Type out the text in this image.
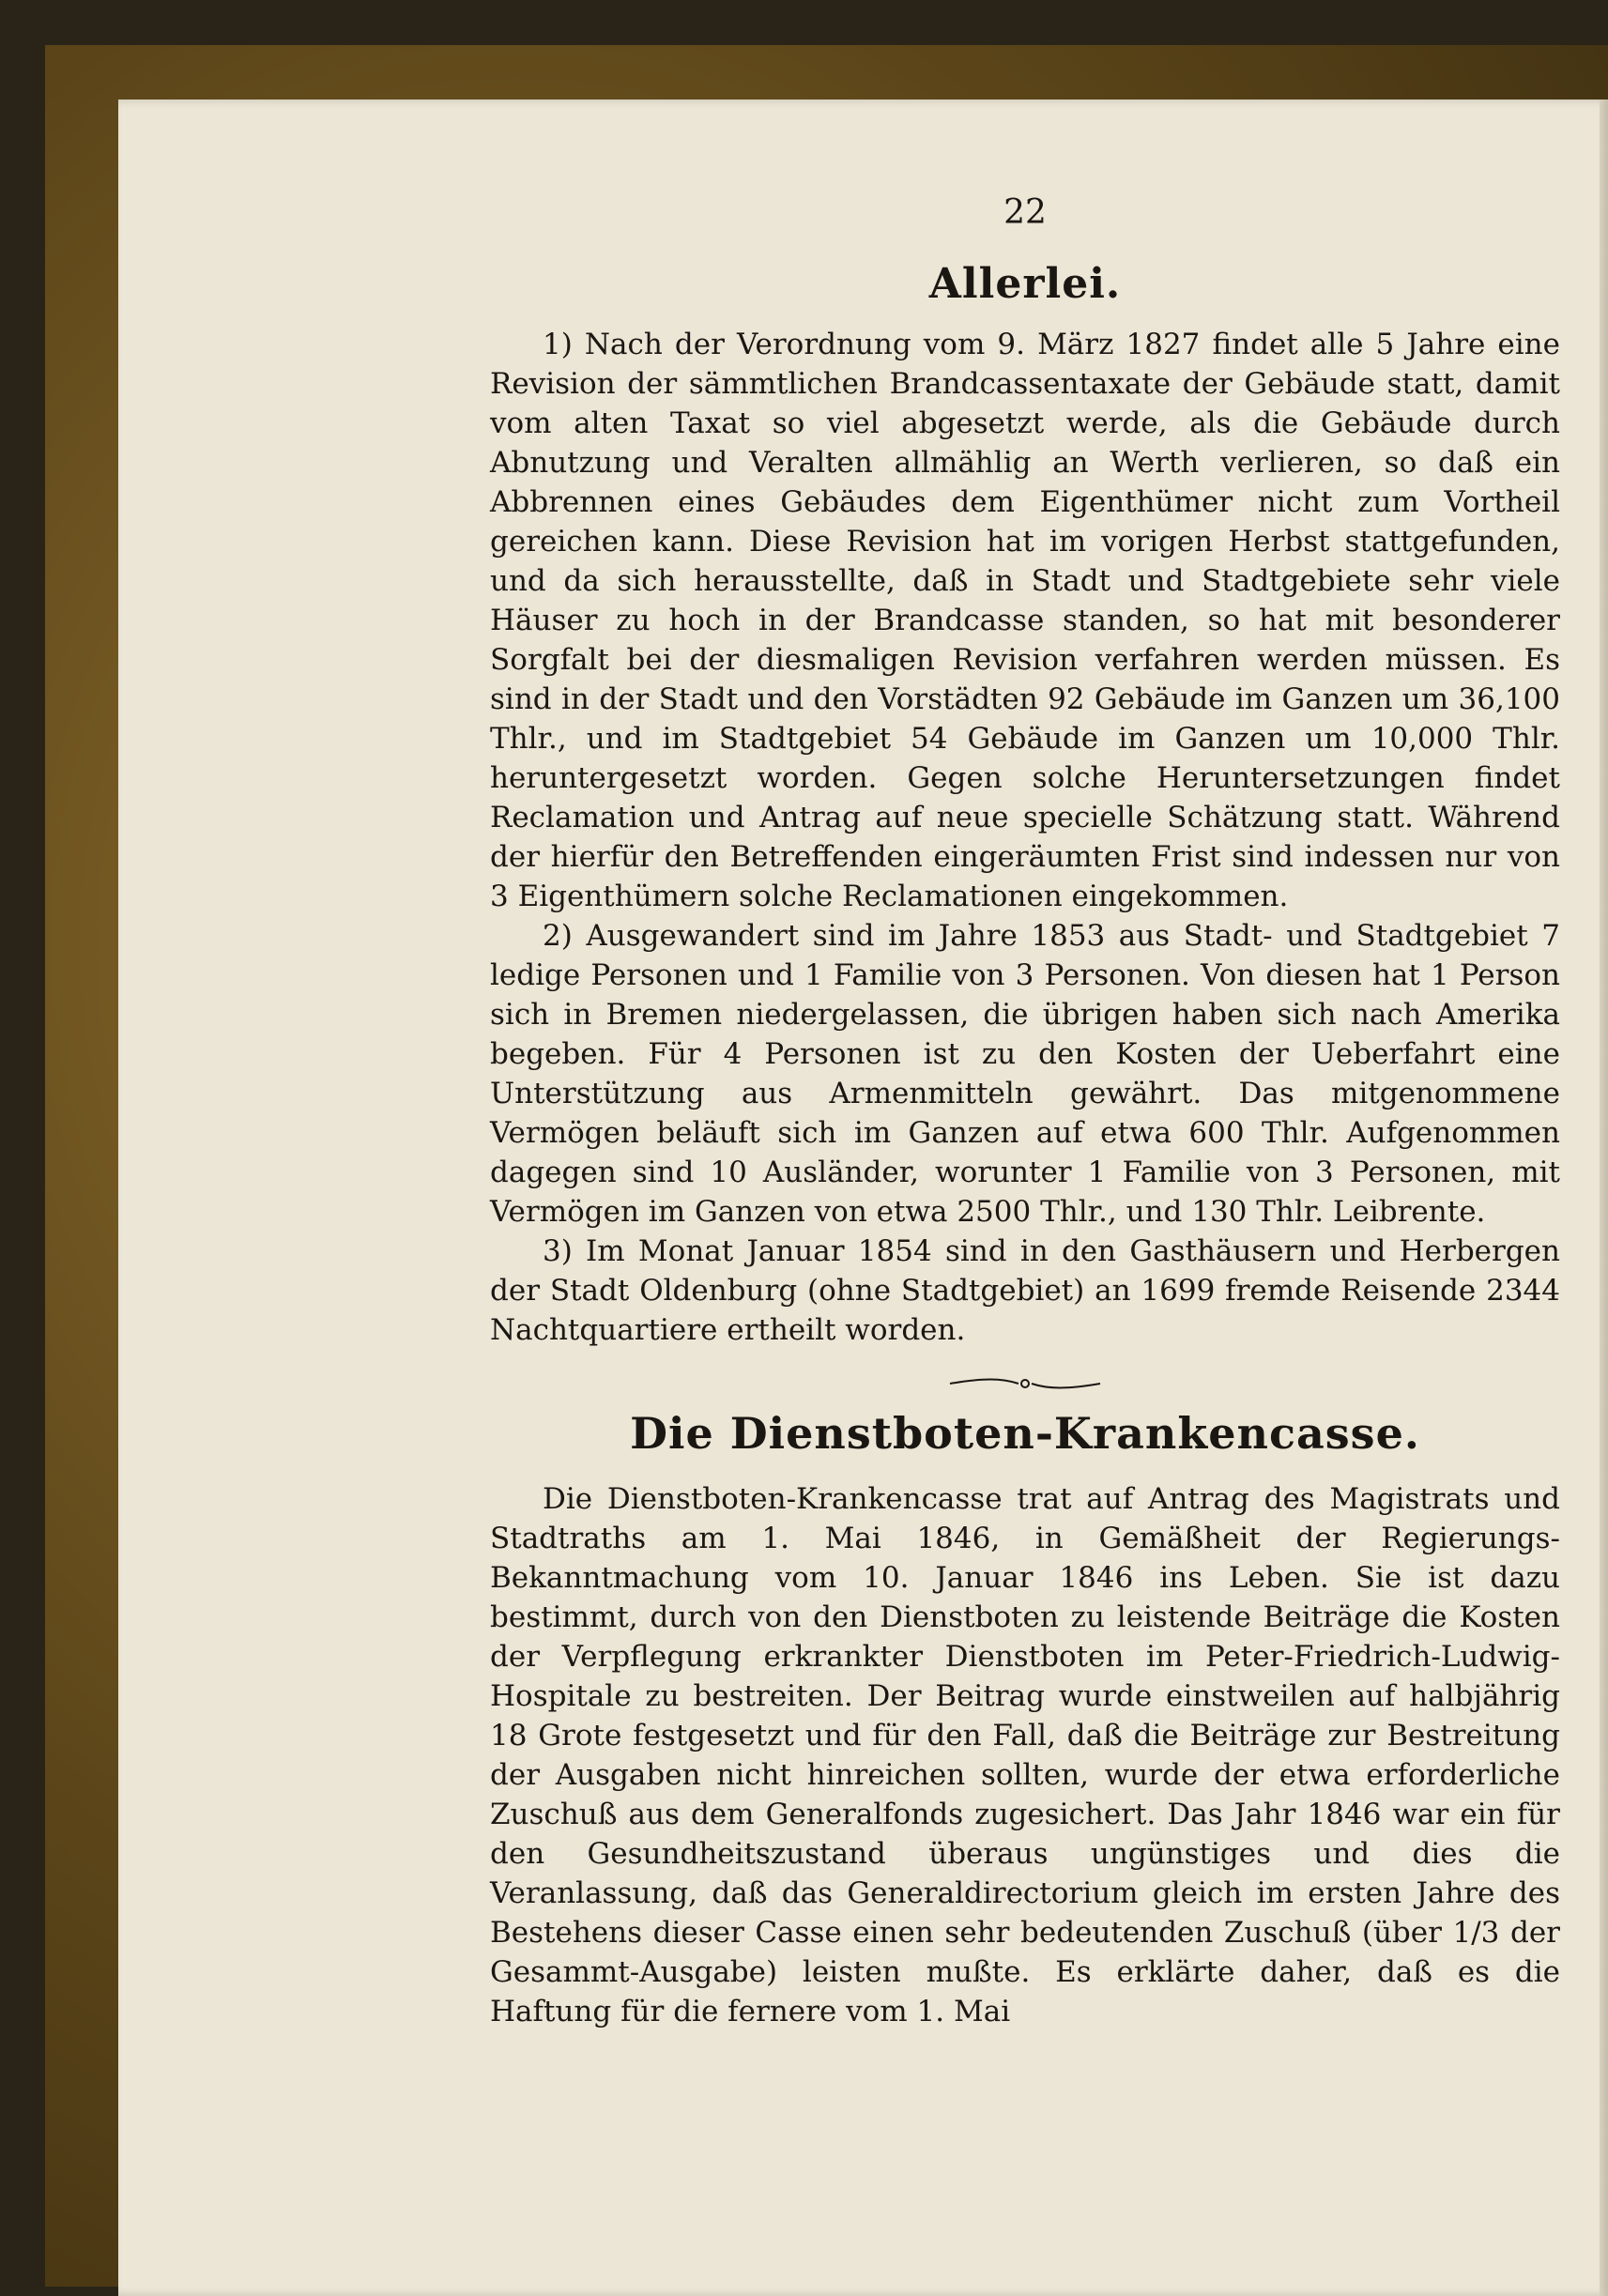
22
Allerlei.

1) Nach der Verordnung vom 9. März 1827 findet alle 5 Jahre eine Revision der sämmtlichen Brandcassentaxate der Gebäude statt, damit vom alten Taxat so viel abgesetzt werde, als die Gebäude durch Abnutzung und Veralten allmählig an Werth verlieren, so daß ein Abbrennen eines Gebäudes dem Eigenthümer nicht zum Vortheil gereichen kann. Diese Revision hat im vorigen Herbst stattgefunden, und da sich herausstellte, daß in Stadt und Stadtgebiete sehr viele Häuser zu hoch in der Brandcasse standen, so hat mit besonderer Sorgfalt bei der diesmaligen Revision verfahren werden müssen. Es sind in der Stadt und den Vorstädten 92 Gebäude im Ganzen um 36,100 Thlr., und im Stadtgebiet 54 Gebäude im Ganzen um 10,000 Thlr. heruntergesetzt worden. Gegen solche Heruntersetzungen findet Reclamation und Antrag auf neue specielle Schätzung statt. Während der hierfür den Betreffenden eingeräumten Frist sind indessen nur von 3 Eigenthümern solche Reclamationen eingekommen.

2) Ausgewandert sind im Jahre 1853 aus Stadt- und Stadtgebiet 7 ledige Personen und 1 Familie von 3 Personen. Von diesen hat 1 Person sich in Bremen niedergelassen, die übrigen haben sich nach Amerika begeben. Für 4 Personen ist zu den Kosten der Ueberfahrt eine Unterstützung aus Armenmitteln gewährt. Das mitgenommene Vermögen beläuft sich im Ganzen auf etwa 600 Thlr. Aufgenommen dagegen sind 10 Ausländer, worunter 1 Familie von 3 Personen, mit Vermögen im Ganzen von etwa 2500 Thlr., und 130 Thlr. Leibrente.

3) Im Monat Januar 1854 sind in den Gasthäusern und Herbergen der Stadt Oldenburg (ohne Stadtgebiet) an 1699 fremde Reisende 2344 Nachtquartiere ertheilt worden.

Die Dienstboten-Krankencasse.

Die Dienstboten-Krankencasse trat auf Antrag des Magistrats und Stadtraths am 1. Mai 1846, in Gemäßheit der Regierungs-Bekanntmachung vom 10. Januar 1846 ins Leben. Sie ist dazu bestimmt, durch von den Dienstboten zu leistende Beiträge die Kosten der Verpflegung erkrankter Dienstboten im Peter-Friedrich-Ludwig-Hospitale zu bestreiten. Der Beitrag wurde einstweilen auf halbjährig 18 Grote festgesetzt und für den Fall, daß die Beiträge zur Bestreitung der Ausgaben nicht hinreichen sollten, wurde der etwa erforderliche Zuschuß aus dem Generalfonds zugesichert. Das Jahr 1846 war ein für den Gesundheitszustand überaus ungünstiges und dies die Veranlassung, daß das Generaldirectorium gleich im ersten Jahre des Bestehens dieser Casse einen sehr bedeutenden Zuschuß (über 1/3 der Gesammt-Ausgabe) leisten mußte. Es erklärte daher, daß es die Haftung für die fernere vom 1. Mai
